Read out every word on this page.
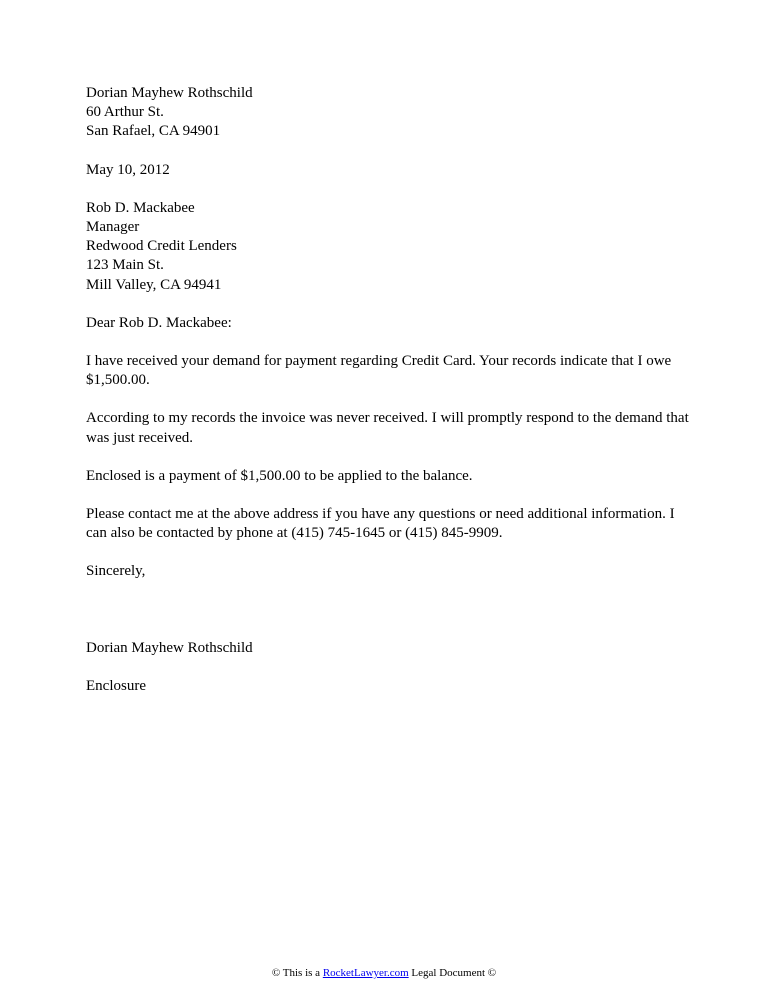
Dorian Mayhew Rothschild
60 Arthur St.
San Rafael, CA 94901
May 10, 2012
Rob D. Mackabee
Manager
Redwood Credit Lenders
123 Main St.
Mill Valley, CA 94941
Dear Rob D. Mackabee:

I have received your demand for payment regarding Credit Card. Your records indicate that I owe $1,500.00.

According to my records the invoice was never received. I will promptly respond to the demand that was just received.

Enclosed is a payment of $1,500.00 to be applied to the balance.

Please contact me at the above address if you have any questions or need additional information. I can also be contacted by phone at (415) 745-1645 or (415) 845-9909.

Sincerely,
Dorian Mayhew Rothschild
Enclosure
© This is a RocketLawyer.com Legal Document ©
